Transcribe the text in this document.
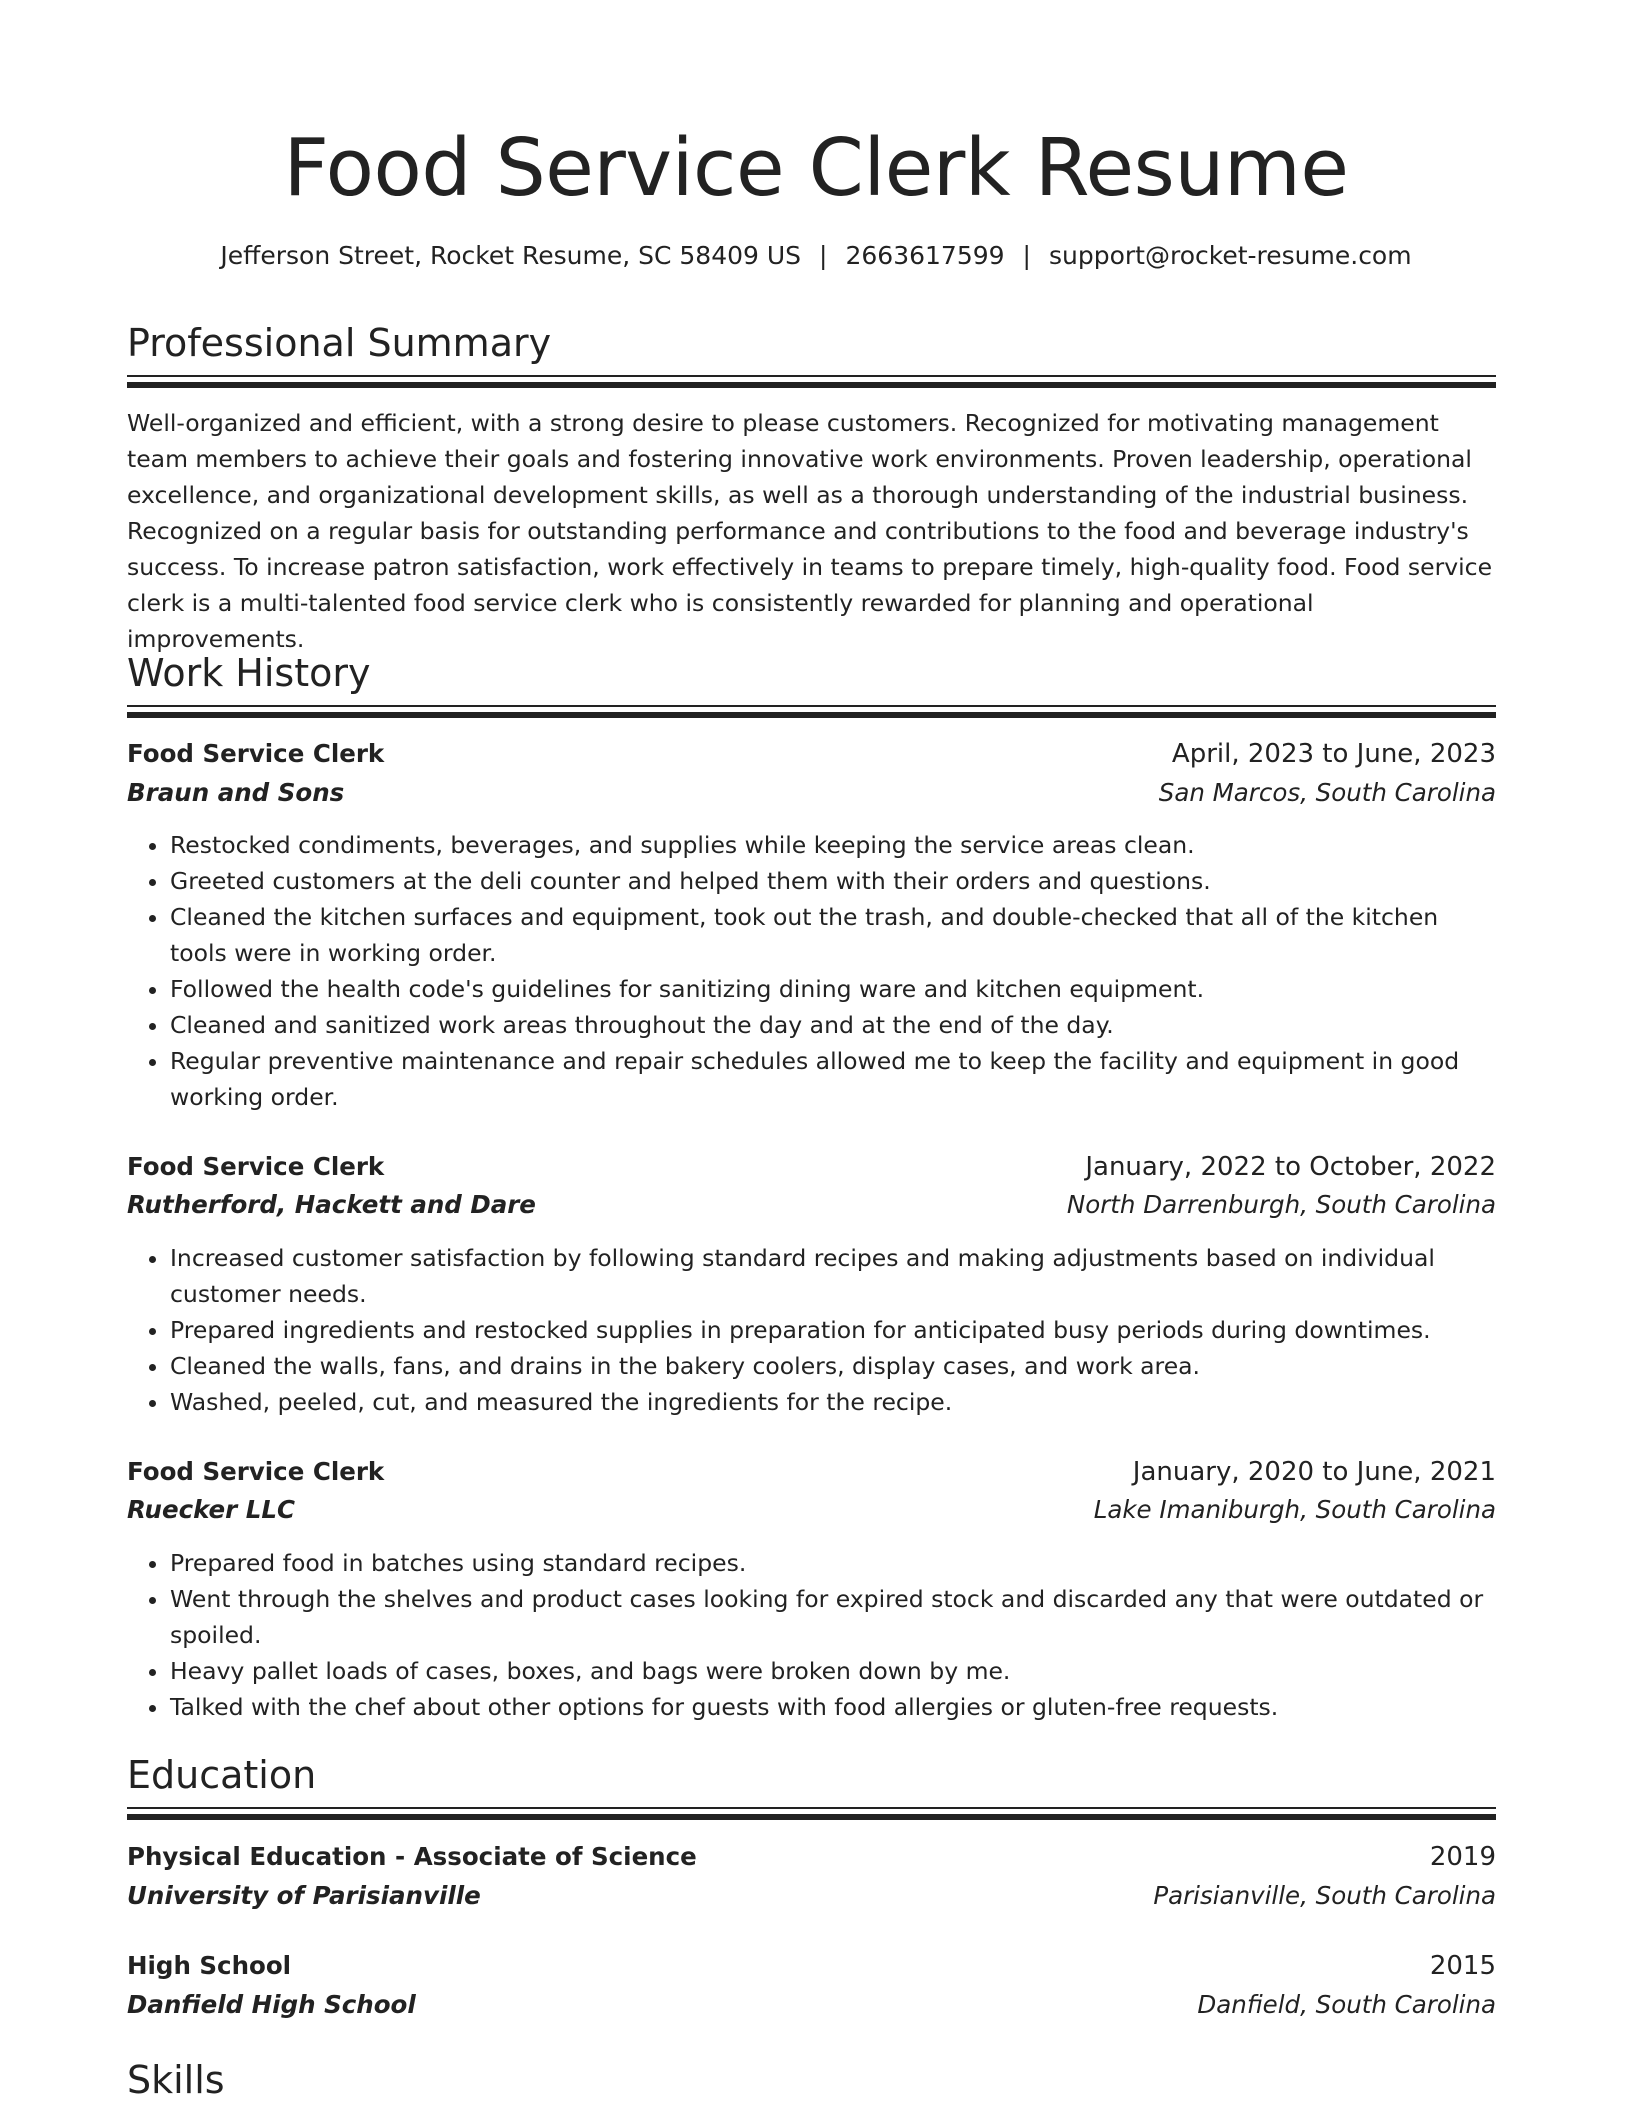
Food Service Clerk Resume
Jefferson Street, Rocket Resume, SC 58409 US | 2663617599 | support@rocket-resume.com
Professional Summary

Well-organized and efficient, with a strong desire to please customers. Recognized for motivating management team members to achieve their goals and fostering innovative work environments. Proven leadership, operational excellence, and organizational development skills, as well as a thorough understanding of the industrial business. Recognized on a regular basis for outstanding performance and contributions to the food and beverage industry's success. To increase patron satisfaction, work effectively in teams to prepare timely, high-quality food. Food service clerk is a multi-talented food service clerk who is consistently rewarded for planning and operational improvements.

Work History
Food Service Clerk	April, 2023 to June, 2023
Braun and Sons	San Marcos, South Carolina
• Restocked condiments, beverages, and supplies while keeping the service areas clean.
• Greeted customers at the deli counter and helped them with their orders and questions.
• Cleaned the kitchen surfaces and equipment, took out the trash, and double-checked that all of the kitchen tools were in working order.
• Followed the health code's guidelines for sanitizing dining ware and kitchen equipment.
• Cleaned and sanitized work areas throughout the day and at the end of the day.
• Regular preventive maintenance and repair schedules allowed me to keep the facility and equipment in good working order.
Food Service Clerk	January, 2022 to October, 2022
Rutherford, Hackett and Dare	North Darrenburgh, South Carolina
• Increased customer satisfaction by following standard recipes and making adjustments based on individual customer needs.
• Prepared ingredients and restocked supplies in preparation for anticipated busy periods during downtimes.
• Cleaned the walls, fans, and drains in the bakery coolers, display cases, and work area.
• Washed, peeled, cut, and measured the ingredients for the recipe.
Food Service Clerk	January, 2020 to June, 2021
Ruecker LLC	Lake Imaniburgh, South Carolina
• Prepared food in batches using standard recipes.
• Went through the shelves and product cases looking for expired stock and discarded any that were outdated or spoiled.
• Heavy pallet loads of cases, boxes, and bags were broken down by me.
• Talked with the chef about other options for guests with food allergies or gluten-free requests.
Education
Physical Education - Associate of Science	2019
University of Parisianville	Parisianville, South Carolina
High School	2015
Danfield High School	Danfield, South Carolina
Skills
